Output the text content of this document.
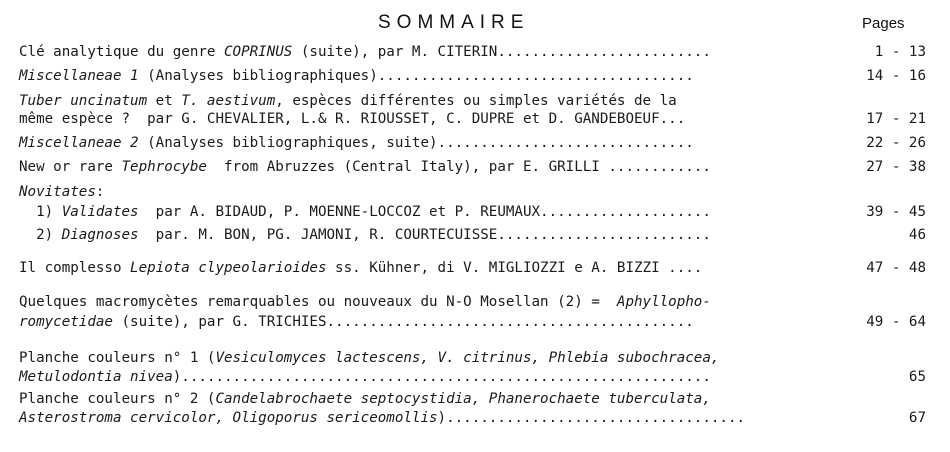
SOMMAIRE	Pages
Clé analytique du genre COPRINUS (suite), par M. CITERIN.........................	1 - 13
Miscellaneae 1 (Analyses bibliographiques).....................................	14 - 16
Tuber uncinatum et T. aestivum, espèces différentes ou simples variétés de la
même espèce ?  par G. CHEVALIER, L.& R. RIOUSSET, C. DUPRE et D. GANDEBOEUF...	17 - 21
Miscellaneae 2 (Analyses bibliographiques, suite)..............................	22 - 26
New or rare Tephrocybe  from Abruzzes (Central Italy), par E. GRILLI ............	27 - 38
Novitates:
1) Validates  par A. BIDAUD, P. MOENNE-LOCCOZ et P. REUMAUX....................	39 - 45
2) Diagnoses  par. M. BON, PG. JAMONI, R. COURTECUISSE.........................	46
Il complesso Lepiota clypeolarioides ss. Kühner, di V. MIGLIOZZI e A. BIZZI ....	47 - 48
Quelques macromycètes remarquables ou nouveaux du N-O Mosellan (2) =  Aphyllopho-
romycetidae (suite), par G. TRICHIES...........................................	49 - 64
Planche couleurs n° 1 (Vesiculomyces lactescens, V. citrinus, Phlebia subochracea,
Metulodontia nivea)..............................................................	65
Planche couleurs n° 2 (Candelabrochaete septocystidia, Phanerochaete tuberculata,
Asterostroma cervicolor, Oligoporus sericeomollis)...................................	67
